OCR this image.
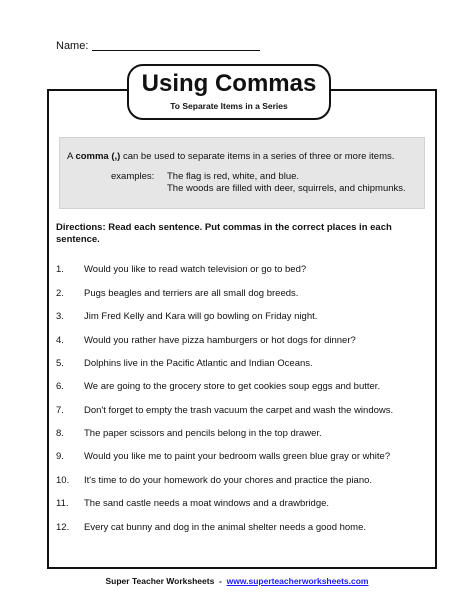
Name:
Using Commas
To Separate Items in a Series
A comma (,) can be used to separate items in a series of three or more items.
examples: The flag is red, white, and blue.
The woods are filled with deer, squirrels, and chipmunks.
Directions: Read each sentence. Put commas in the correct places in each sentence.
1. Would you like to read watch television or go to bed?
2. Pugs beagles and terriers are all small dog breeds.
3. Jim Fred Kelly and Kara will go bowling on Friday night.
4. Would you rather have pizza hamburgers or hot dogs for dinner?
5. Dolphins live in the Pacific Atlantic and Indian Oceans.
6. We are going to the grocery store to get cookies soup eggs and butter.
7. Don't forget to empty the trash vacuum the carpet and wash the windows.
8. The paper scissors and pencils belong in the top drawer.
9. Would you like me to paint your bedroom walls green blue gray or white?
10. It's time to do your homework do your chores and practice the piano.
11. The sand castle needs a moat windows and a drawbridge.
12. Every cat bunny and dog in the animal shelter needs a good home.
Super Teacher Worksheets  -  www.superteacherworksheets.com
